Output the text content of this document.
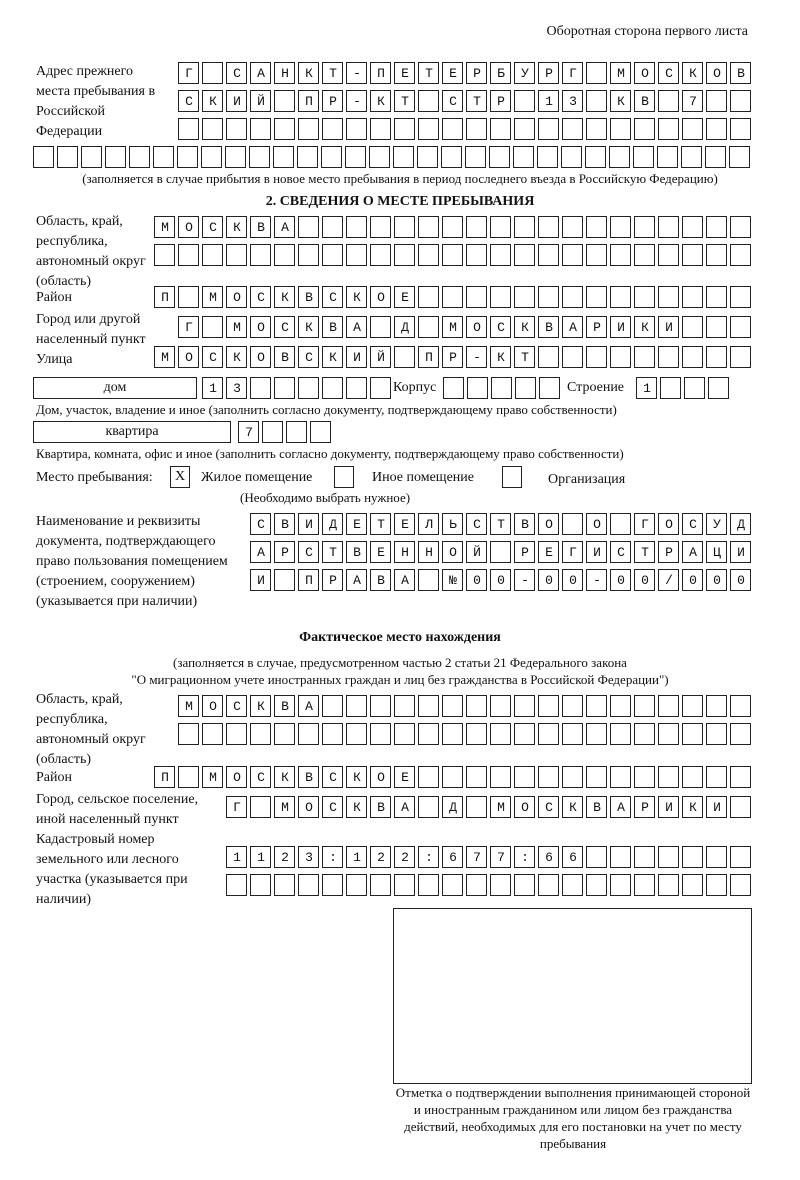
Оборотная сторона первого листа
Адрес прежнего места пребывания в Российской Федерации
Г САНКТ-ПЕТЕРБУРГ МОСКОВ
СКИЙ ПР-КТ СТР 13 КВ 7

(заполняется в случае прибытия в новое место пребывания в период последнего въезда в Российскую Федерацию)
2. СВЕДЕНИЯ О МЕСТЕ ПРЕБЫВАНИЯ
Область, край, республика, автономный округ (область)
МОСКВА

Район	П МОСКВСКОЕ
Город или другой населенный пункт
Г МОСКВА Д МОСКВАРИКИ
Улица	МОСКОВСКИЙ ПР-КТ
дом	13
Корпус
	Строение	1
Дом, участок, владение и иное (заполнить согласно документу, подтверждающему право собственности)
квартира	7
Квартира, комната, офис и иное (заполнить согласно документу, подтверждающему право собственности)
Место пребывания:	X	Жилое помещение	Иное помещение	Организация
(Необходимо выбрать нужное)
Наименование и реквизиты документа, подтверждающего право пользования помещением (строением, сооружением) (указывается при наличии)
СВИДЕТЕЛЬСТВО О ГОСУД
АРСТВЕННОЙ РЕГИСТРАЦИ
И ПРАВА №00-00-00/000
Фактическое место нахождения
(заполняется в случае, предусмотренном частью 2 статьи 21 Федерального закона
"О миграционном учете иностранных граждан и лиц без гражданства в Российской Федерации")
Область, край, республика, автономный округ (область)
МОСКВА

Район	П МОСКВСКОЕ
Город, сельское поселение, иной населенный пункт
Г МОСКВА Д МОСКВАРИКИ
Кадастровый номер земельного или лесного участка (указывается при наличии)
1123:122:677:66

Отметка о подтверждении выполнения принимающей стороной и иностранным гражданином или лицом без гражданства действий, необходимых для его постановки на учет по месту пребывания
